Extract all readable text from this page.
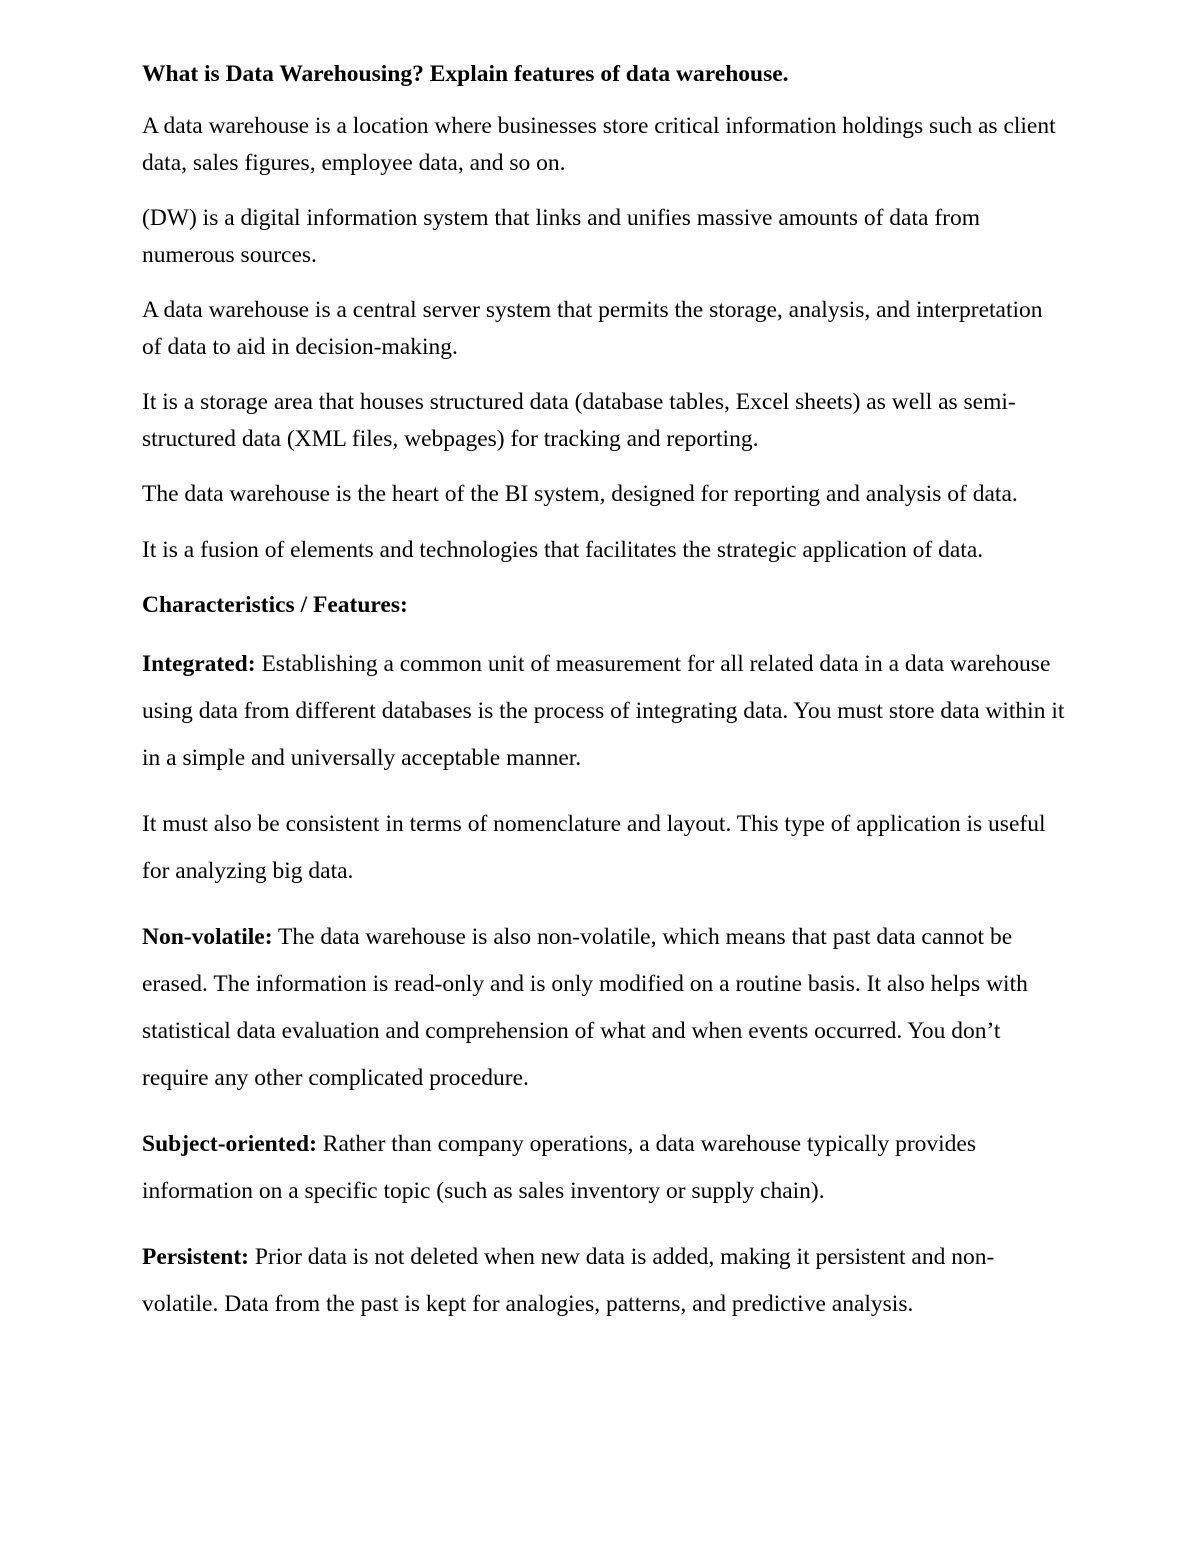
What is Data Warehousing? Explain features of data warehouse.
A data warehouse is a location where businesses store critical information holdings such as client data, sales figures, employee data, and so on.
(DW) is a digital information system that links and unifies massive amounts of data from numerous sources.
A data warehouse is a central server system that permits the storage, analysis, and interpretation of data to aid in decision-making.
It is a storage area that houses structured data (database tables, Excel sheets) as well as semi-structured data (XML files, webpages) for tracking and reporting.
The data warehouse is the heart of the BI system, designed for reporting and analysis of data.
It is a fusion of elements and technologies that facilitates the strategic application of data.
Characteristics / Features:
Integrated: Establishing a common unit of measurement for all related data in a data warehouse using data from different databases is the process of integrating data. You must store data within it in a simple and universally acceptable manner.
It must also be consistent in terms of nomenclature and layout. This type of application is useful for analyzing big data.
Non-volatile: The data warehouse is also non-volatile, which means that past data cannot be erased. The information is read-only and is only modified on a routine basis. It also helps with statistical data evaluation and comprehension of what and when events occurred. You don’t require any other complicated procedure.
Subject-oriented: Rather than company operations, a data warehouse typically provides information on a specific topic (such as sales inventory or supply chain).
Persistent: Prior data is not deleted when new data is added, making it persistent and non-volatile. Data from the past is kept for analogies, patterns, and predictive analysis.
